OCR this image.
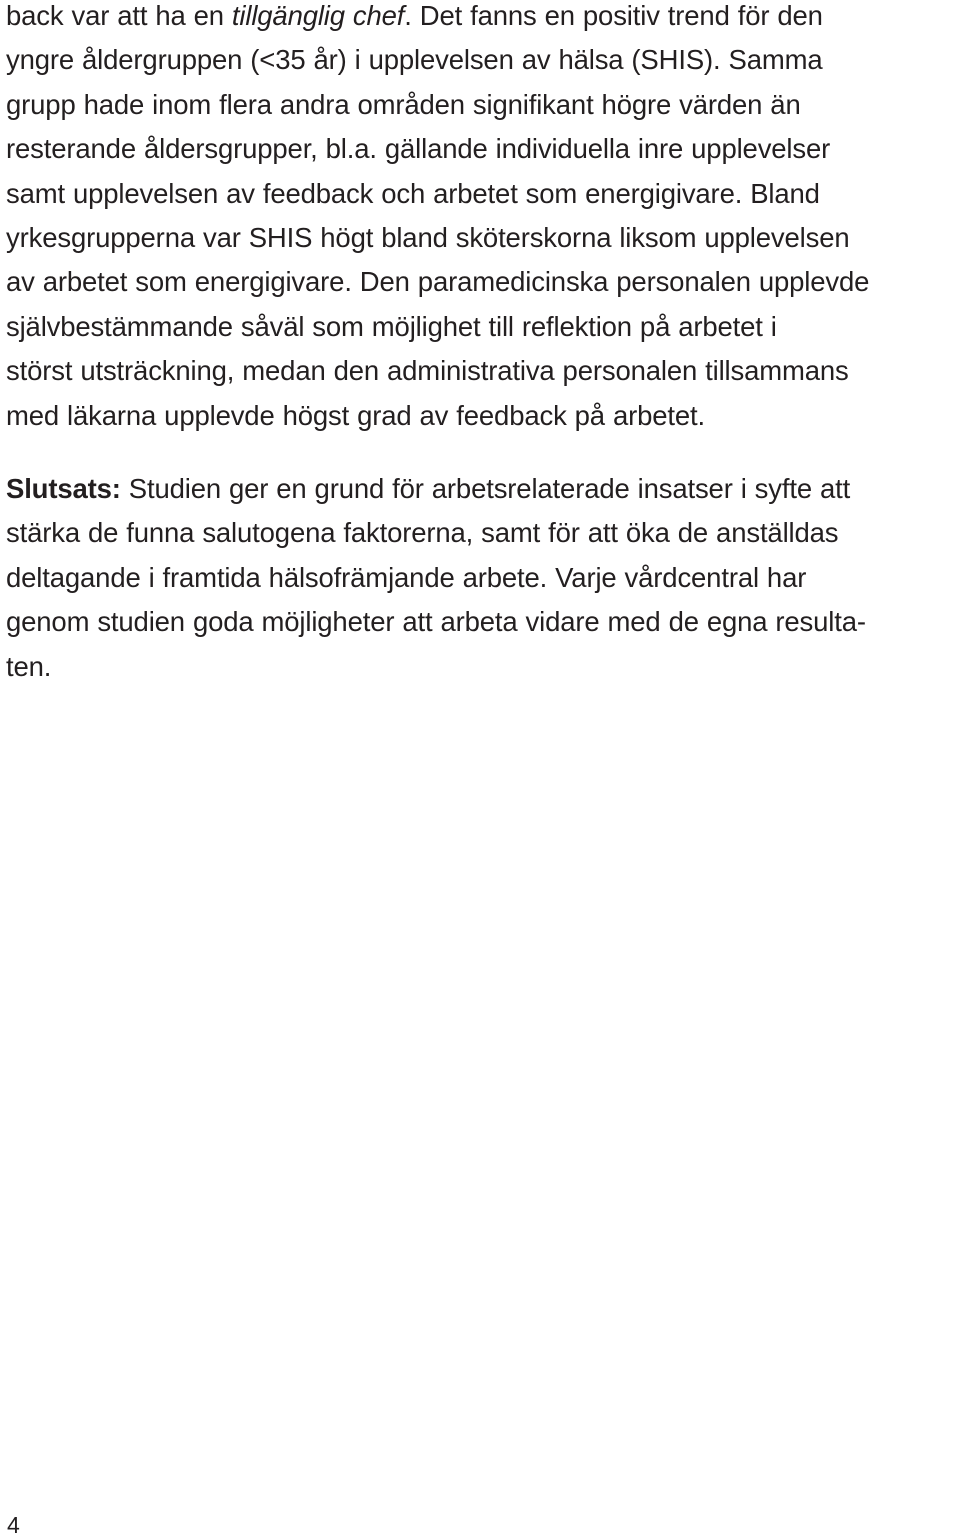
back var att ha en tillgänglig chef. Det fanns en positiv trend för den
yngre åldergruppen (<35 år) i upplevelsen av hälsa (SHIS). Samma
grupp hade inom flera andra områden signifikant högre värden än
resterande åldersgrupper, bl.a. gällande individuella inre upplevelser
samt upplevelsen av feedback och arbetet som energigivare. Bland
yrkesgrupperna var SHIS högt bland sköterskorna liksom upplevelsen
av arbetet som energigivare. Den paramedicinska personalen upplevde
självbestämmande såväl som möjlighet till reflektion på arbetet i
störst utsträckning, medan den administrativa personalen tillsammans
med läkarna upplevde högst grad av feedback på arbetet.

Slutsats: Studien ger en grund för arbetsrelaterade insatser i syfte att
stärka de funna salutogena faktorerna, samt för att öka de anställdas
deltagande i framtida hälsofrämjande arbete. Varje vårdcentral har
genom studien goda möjligheter att arbeta vidare med de egna resulta-
ten.

4
